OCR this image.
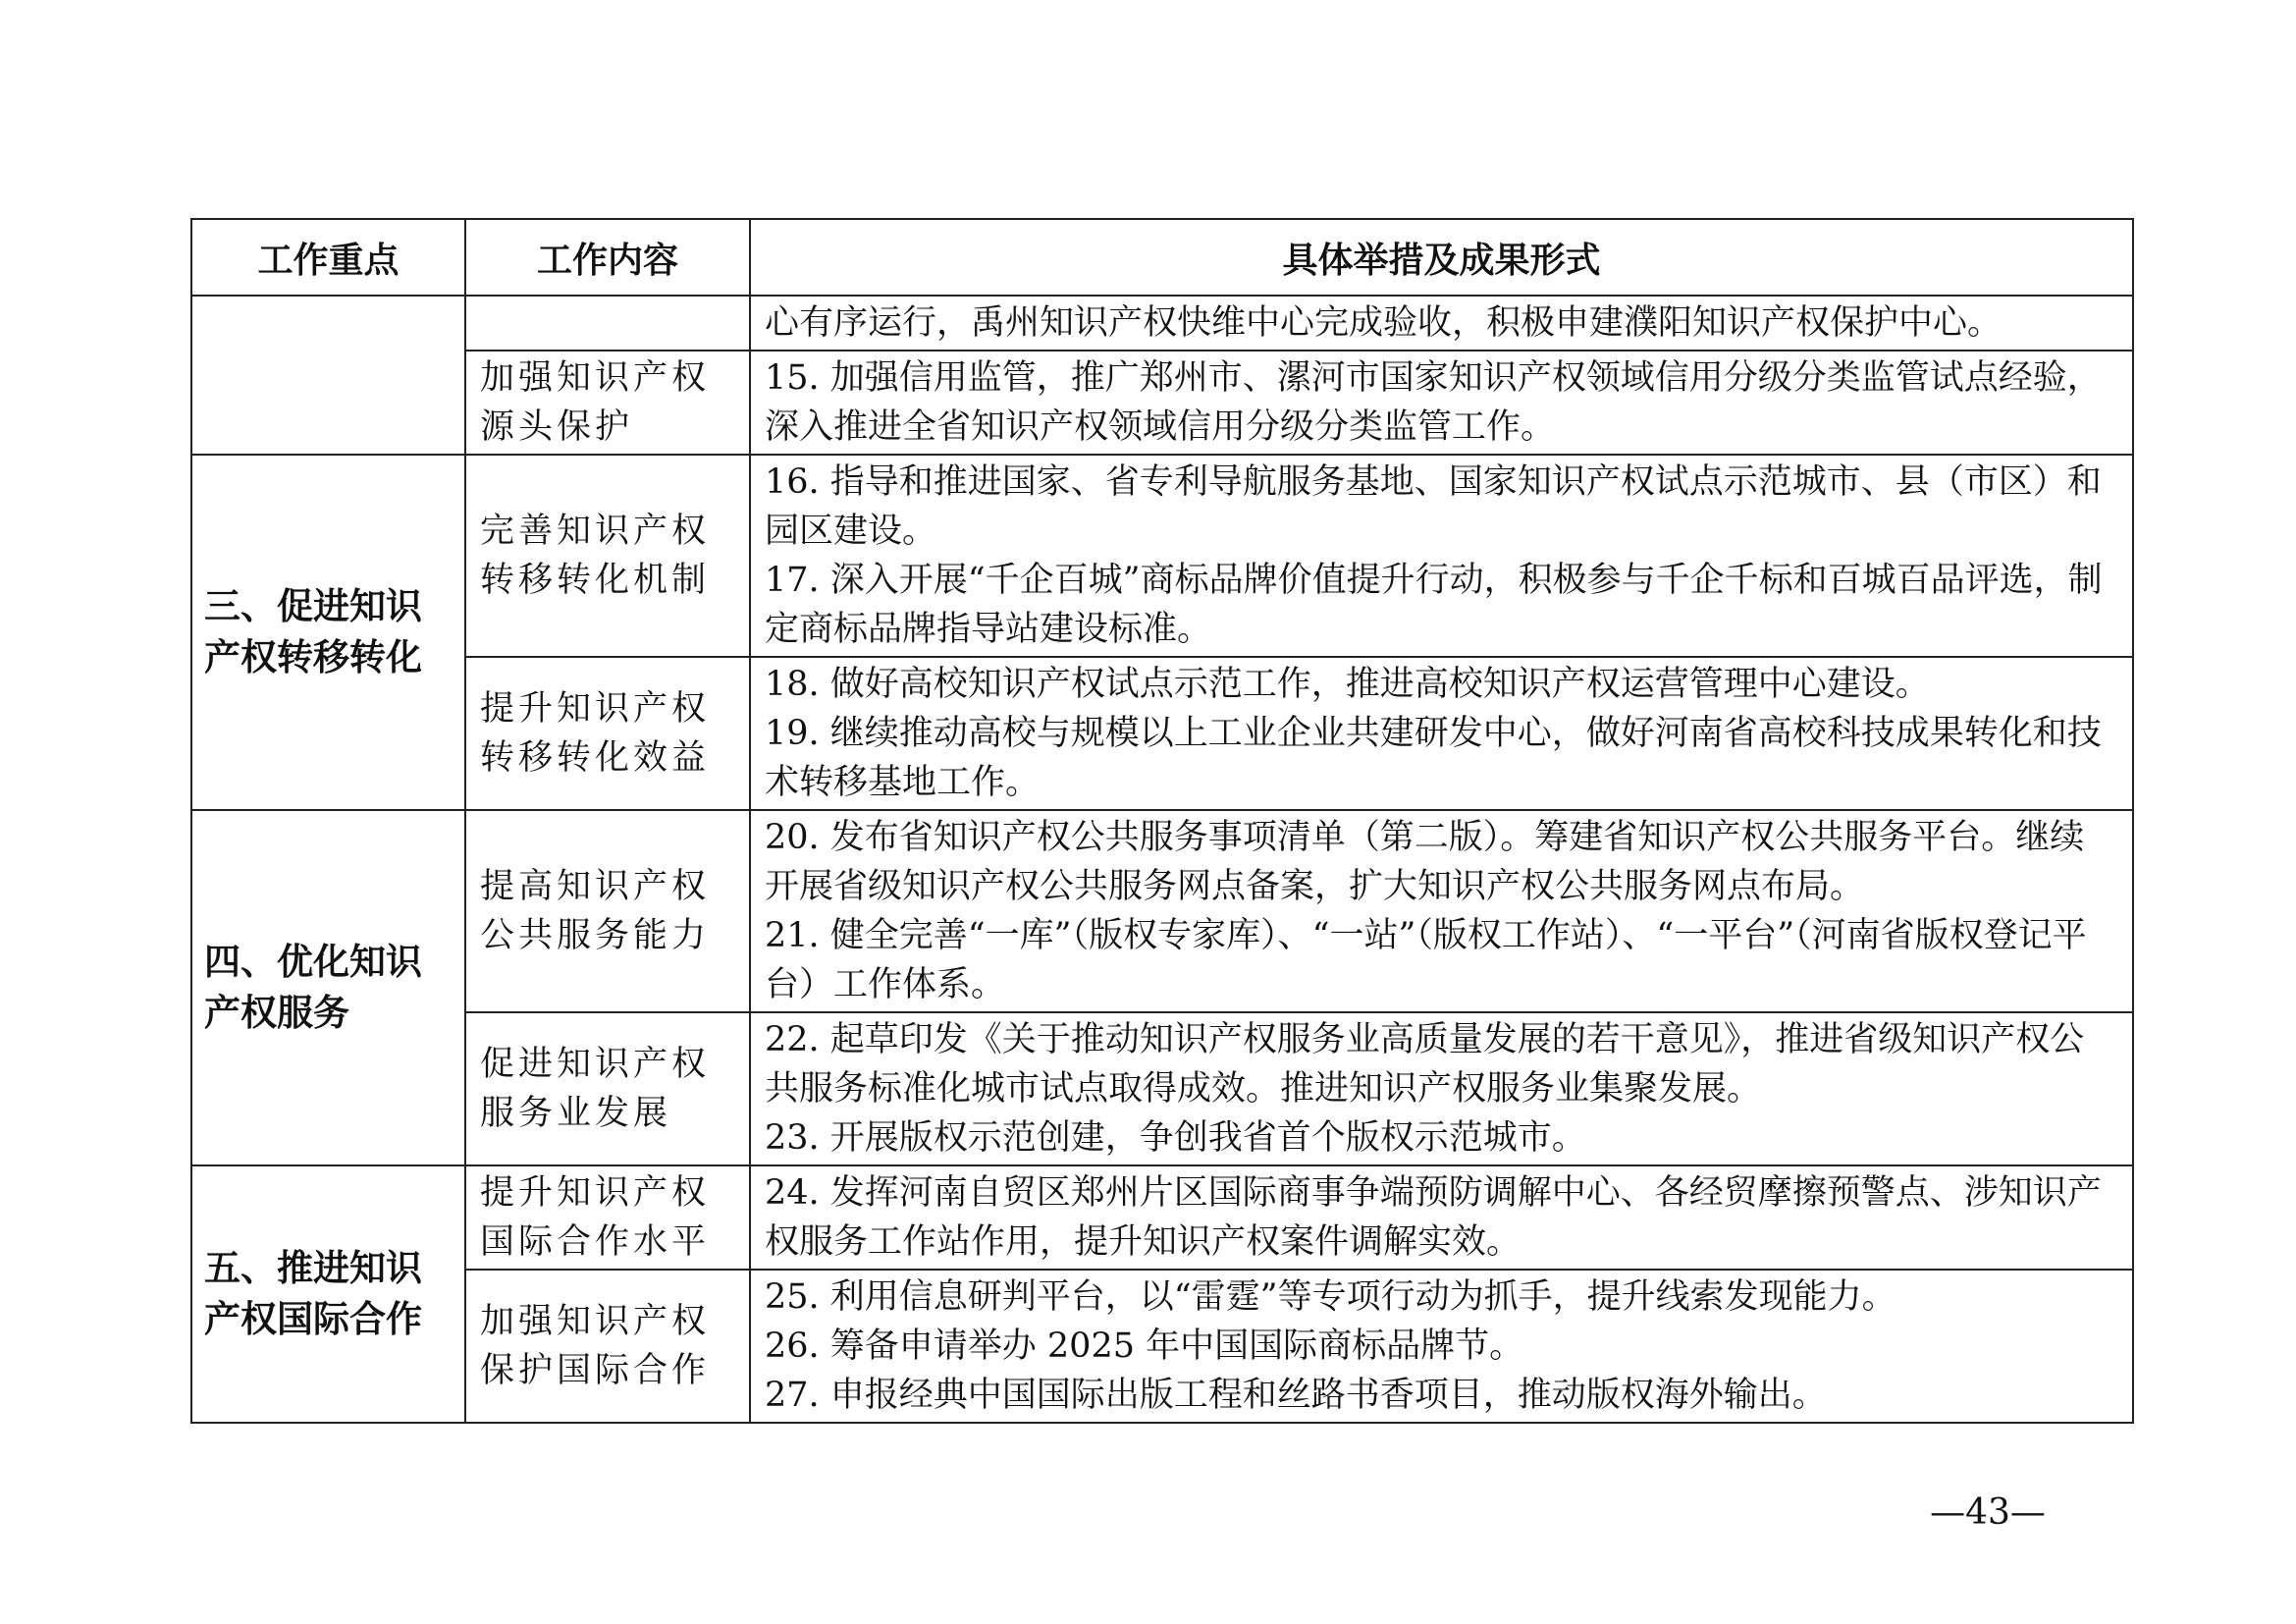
工作重点	工作内容	具体举措及成果形式

		心有序运行，禹州知识产权快维中心完成验收，积极申建濮阳知识产权保护中心。

	加强知识产权
源头保护	15. 加强信用监管，推广郑州市、漯河市国家知识产权领域信用分级分类监管试点经验，深入推进全省知识产权领域信用分级分类监管工作。

三、促进知识
产权转移转化	完善知识产权
转移转化机制	16. 指导和推进国家、省专利导航服务基地、国家知识产权试点示范城市、县（市区）和园区建设。
17. 深入开展“千企百城”商标品牌价值提升行动，积极参与千企千标和百城百品评选，制定商标品牌指导站建设标准。

	提升知识产权
转移转化效益	18. 做好高校知识产权试点示范工作，推进高校知识产权运营管理中心建设。
19. 继续推动高校与规模以上工业企业共建研发中心，做好河南省高校科技成果转化和技术转移基地工作。

四、优化知识
产权服务	提高知识产权
公共服务能力	20. 发布省知识产权公共服务事项清单（第二版）。筹建省知识产权公共服务平台。继续开展省级知识产权公共服务网点备案，扩大知识产权公共服务网点布局。
21. 健全完善“一库”（版权专家库）、“一站”（版权工作站）、“一平台”（河南省版权登记平台）工作体系。

	促进知识产权
服务业发展	22. 起草印发《关于推动知识产权服务业高质量发展的若干意见》，推进省级知识产权公共服务标准化城市试点取得成效。推进知识产权服务业集聚发展。
23. 开展版权示范创建，争创我省首个版权示范城市。

五、推进知识
产权国际合作	提升知识产权
国际合作水平	24. 发挥河南自贸区郑州片区国际商事争端预防调解中心、各经贸摩擦预警点、涉知识产权服务工作站作用，提升知识产权案件调解实效。

	加强知识产权
保护国际合作	25. 利用信息研判平台，以“雷霆”等专项行动为抓手，提升线索发现能力。
26. 筹备申请举办 2025 年中国国际商标品牌节。
27. 申报经典中国国际出版工程和丝路书香项目，推动版权海外输出。
—43—
